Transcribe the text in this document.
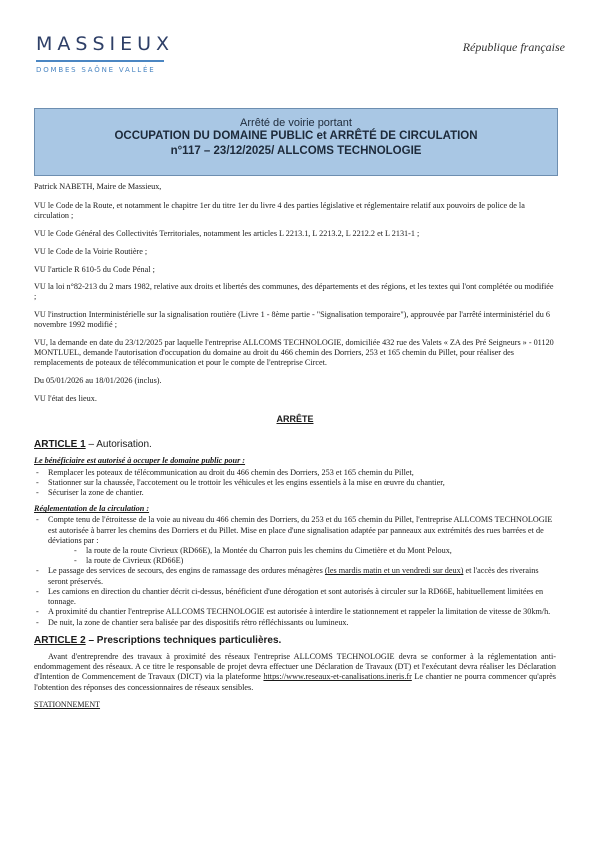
MASSIEUX
DOMBES SAÔNE VALLÉE
République française
Arrêté de voirie portant
OCCUPATION DU DOMAINE PUBLIC et ARRÊTÉ DE CIRCULATION
n°117 – 23/12/2025/ ALLCOMS TECHNOLOGIE

Patrick NABETH, Maire de Massieux,

VU le Code de la Route, et notamment le chapitre 1er du titre 1er du livre 4 des parties législative et réglementaire relatif aux pouvoirs de police de la circulation ;

VU le Code Général des Collectivités Territoriales, notamment les articles L 2213.1, L 2213.2, L 2212.2 et L 2131-1 ;

VU le Code de la Voirie Routière ;

VU l'article R 610-5 du Code Pénal ;

VU la loi n°82-213 du 2 mars 1982, relative aux droits et libertés des communes, des départements et des régions, et les textes qui l'ont complétée ou modifiée ;

VU l'instruction Interministérielle sur la signalisation routière (Livre 1 - 8ème partie - "Signalisation temporaire"), approuvée par l'arrêté interministériel du 6 novembre 1992 modifié ;

VU, la demande en date du 23/12/2025 par laquelle l'entreprise ALLCOMS TECHNOLOGIE, domiciliée 432 rue des Valets « ZA des Pré Seigneurs » - 01120 MONTLUEL, demande l'autorisation d'occupation du domaine au droit du 466 chemin des Dorriers, 253 et 165 chemin du Pillet, pour réaliser des remplacements de poteaux de télécommunication et pour le compte de l'entreprise Circet.

Du 05/01/2026 au 18/01/2026 (inclus).

VU l'état des lieux.

ARRÊTE

ARTICLE 1 – Autorisation.

Le bénéficiaire est autorisé à occuper le domaine public pour :

- Remplacer les poteaux de télécommunication au droit du 466 chemin des Dorriers, 253 et 165 chemin du Pillet,
- Stationner sur la chaussée, l'accotement ou le trottoir les véhicules et les engins essentiels à la mise en œuvre du chantier,
- Sécuriser la zone de chantier.

Réglementation de la circulation :

- Compte tenu de l'étroitesse de la voie au niveau du 466 chemin des Dorriers, du 253 et du 165 chemin du Pillet, l'entreprise ALLCOMS TECHNOLOGIE est autorisée à barrer les chemins des Dorriers et du Pillet. Mise en place d'une signalisation adaptée par panneaux aux extrémités des rues barrées et de déviations par :
- la route de la route Civrieux (RD66E), la Montée du Charron puis les chemins du Cimetière et du Mont Peloux,
- la route de Civrieux (RD66E)
- Le passage des services de secours, des engins de ramassage des ordures ménagères (les mardis matin et un vendredi sur deux) et l'accès des riverains seront préservés.
- Les camions en direction du chantier décrit ci-dessus, bénéficient d'une dérogation et sont autorisés à circuler sur la RD66E, habituellement limitées en tonnage.
- A proximité du chantier l'entreprise ALLCOMS TECHNOLOGIE est autorisée à interdire le stationnement et rappeler la limitation de vitesse de 30km/h.
- De nuit, la zone de chantier sera balisée par des dispositifs rétro réfléchissants ou lumineux.

ARTICLE 2 – Prescriptions techniques particulières.

Avant d'entreprendre des travaux à proximité des réseaux l'entreprise ALLCOMS TECHNOLOGIE devra se conformer à la réglementation anti-endommagement des réseaux. A ce titre le responsable de projet devra effectuer une Déclaration de Travaux (DT) et l'exécutant devra réaliser les Déclaration d'Intention de Commencement de Travaux (DICT) via la plateforme https://www.reseaux-et-canalisations.ineris.fr Le chantier ne pourra commencer qu'après l'obtention des réponses des concessionnaires de réseaux sensibles.

STATIONNEMENT
